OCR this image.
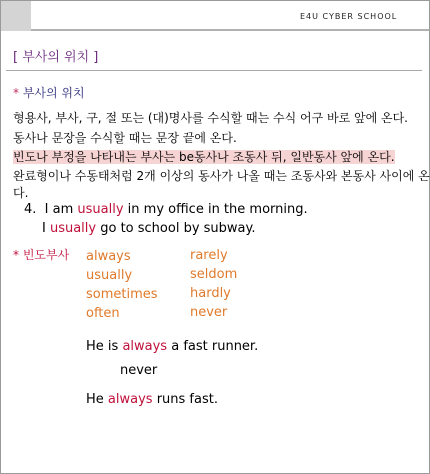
E4U CYBER SCHOOL
[ 부사의 위치 ]
* 부사의 위치
형용사, 부사, 구, 절 또는 (대)명사를 수식할 때는 수식 어구 바로 앞에 온다.
동사나 문장을 수식할 때는 문장 끝에 온다.
빈도나 부정을 나타내는 부사는 be동사나 조동사 뒤, 일반동사 앞에 온다.
완료형이나 수동태처럼 2개 이상의 동사가 나올 때는 조동사와 본동사 사이에 온다.
4. I am usually in my office in the morning.
I usually go to school by subway.
* 빈도부사 always
usually
sometimes
often
rarely
seldom
hardly
never
He is always a fast runner.
never
He always runs fast.
